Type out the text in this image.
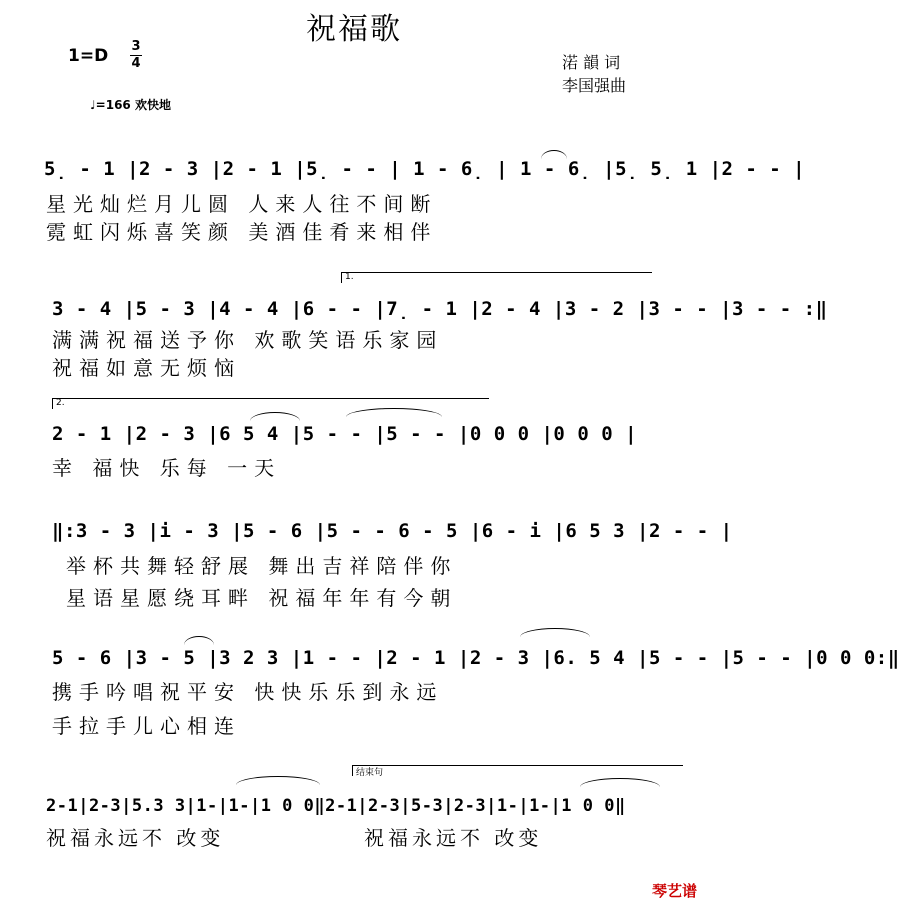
祝福歌
1=D 3
4
♩=166 欢快地
渃 韻 词
李国强曲
5̣ - 1 |2 - 3 |2 - 1 |5̣ - - | 1 - 6̣ | 1 - 6̣ |5̣ 5̣ 1 |2 - - |
星光灿烂月儿圆 人来人往不间断
霓虹闪烁喜笑颜 美酒佳肴来相伴
1.
3 - 4 |5 - 3 |4 - 4 |6 - - |7̣ - 1 |2 - 4 |3 - 2 |3 - - |3 - - :‖
满满祝福送予你 欢歌笑语乐家园
祝福如意无烦恼
2.
2 - 1 |2 - 3 |6 5 4 |5 - - |5 - - |0 0 0 |0 0 0 |
幸 福快 乐每 一天
‖:3 - 3 |i - 3 |5 - 6 |5 - - 6 - 5 |6 - i |6 5 3 |2 - - |
举杯共舞轻舒展 舞出吉祥陪伴你
星语星愿绕耳畔 祝福年年有今朝
5 - 6 |3 - 5 |3 2 3 |1 - - |2 - 1 |2 - 3 |6. 5 4 |5 - - |5 - - |0 0 0:‖
携手吟唱祝平安 快快乐乐到永远
手拉手儿心相连
结束句
2-1|2-3|5.3 3|1-|1-|1 0 0‖2-1|2-3|5-3|2-3|1-|1-|1 0 0‖
祝福永远不 改变	祝福永远不 改变
琴艺谱
